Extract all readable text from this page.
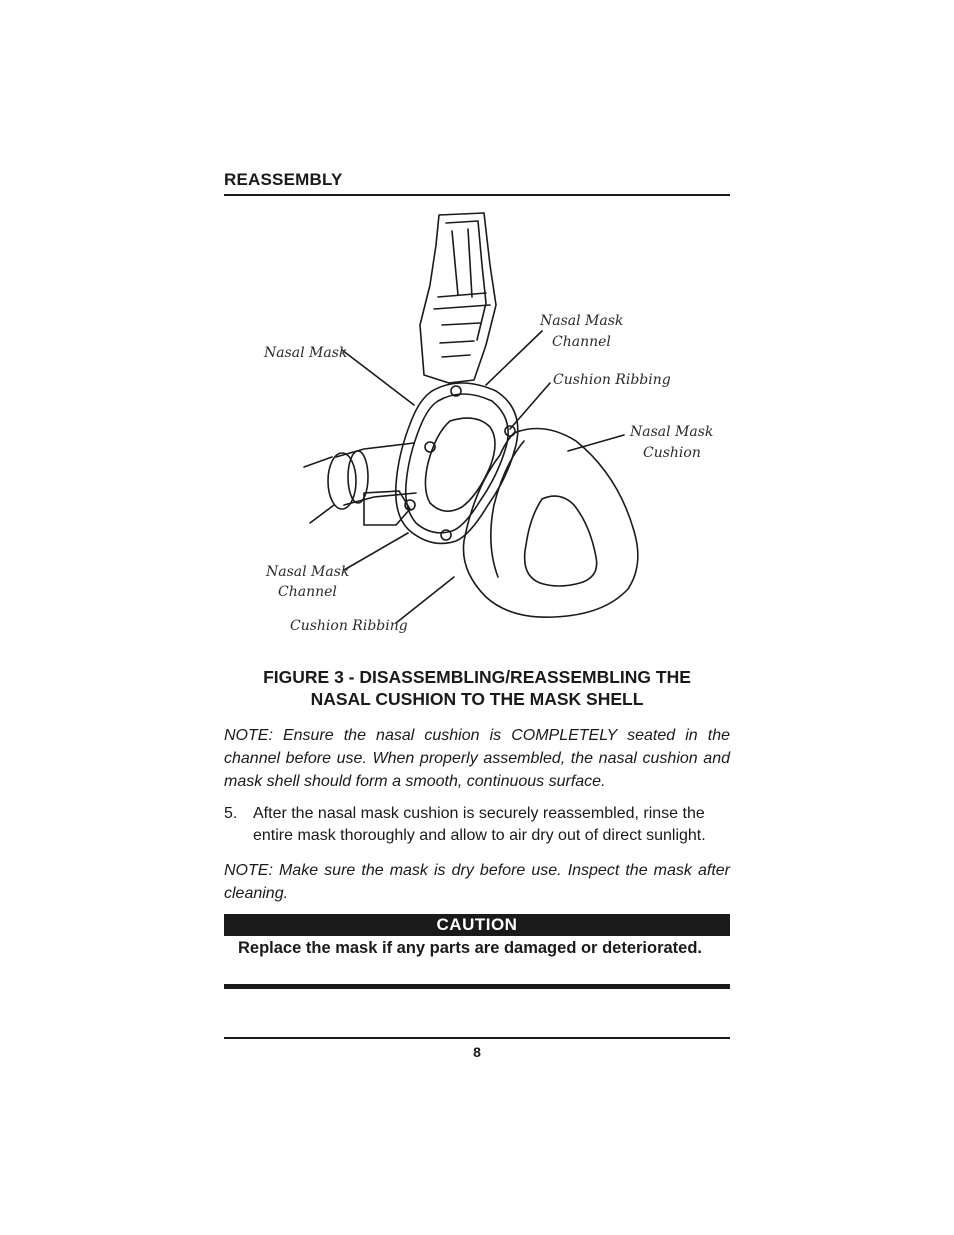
REASSEMBLY
Nasal Mask
Nasal Mask
Channel
Cushion Ribbing
Nasal Mask
Cushion
Nasal Mask
Channel
Cushion Ribbing
FIGURE 3 - DISASSEMBLING/REASSEMBLING THE
NASAL CUSHION TO THE MASK SHELL
NOTE: Ensure the nasal cushion is COMPLETELY seated in the channel before use. When properly assembled, the nasal cushion and mask shell should form a smooth, continuous surface.
5. After the nasal mask cushion is securely reassembled, rinse the entire mask thoroughly and allow to air dry out of direct sunlight.
NOTE: Make sure the mask is dry before use. Inspect the mask after cleaning.
CAUTION
Replace the mask if any parts are damaged or deteriorated.
8
